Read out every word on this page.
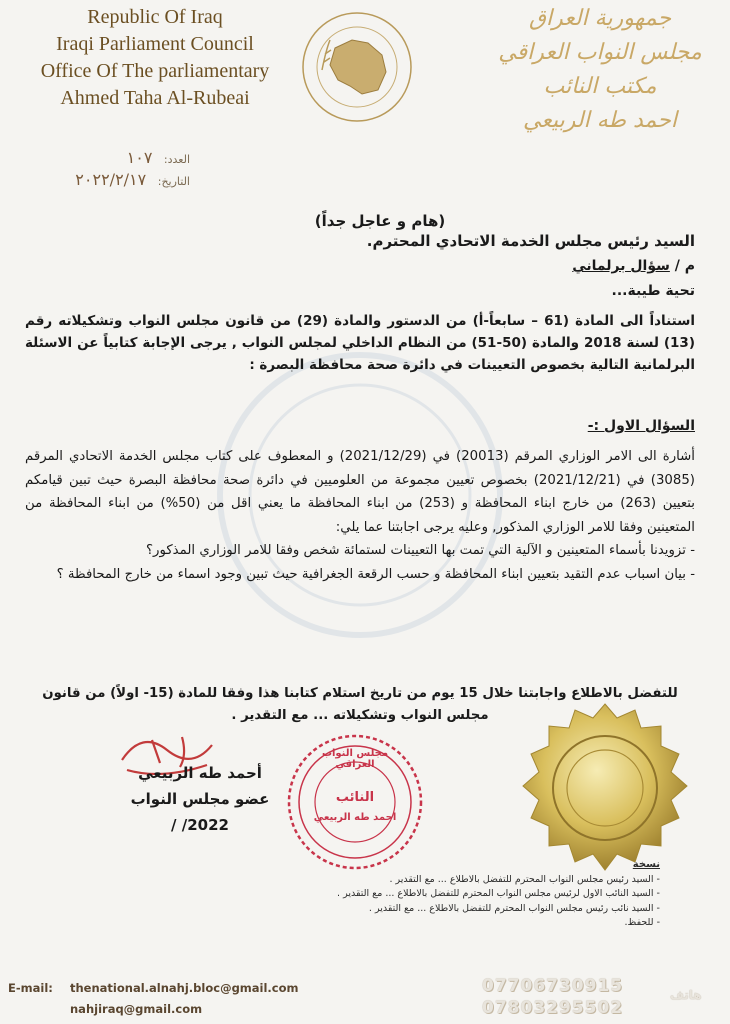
Republic Of Iraq
Iraqi Parliament Council
Office Of The parliamentary
Ahmed Taha Al-Rubeai
جمهورية العراق
مجلس النواب العراقي
مكتب النائب
احمد طه الربيعي
العدد: ١٠٧
التاريخ: ٢٠٢٢/٢/١٧
(هام و عاجل جداً)
السيد رئيس مجلس الخدمة الاتحادي المحترم.
م / سؤال برلماني
تحية طيبة...
استناداً الى المادة (61 – سابعاً-أ) من الدستور والمادة (29) من قانون مجلس النواب وتشكيلاته رقم (13) لسنة 2018 والمادة (50-51) من النظام الداخلي لمجلس النواب , يرجى الإجابة كتابياً عن الاسئلة البرلمانية التالية بخصوص التعيينات في دائرة صحة محافظة البصرة :
السؤال الاول :-
أشارة الى الامر الوزاري المرقم (20013) في (2021/12/29) و المعطوف على كتاب مجلس الخدمة الاتحادي المرقم (3085) في (2021/12/21) بخصوص تعيين مجموعة من العلوميين في دائرة صحة محافظة البصرة حيث تبين قيامكم بتعيين (263) من خارج ابناء المحافظة و (253) من ابناء المحافظة ما يعني اقل من (50%) من ابناء المحافظة من المتعينين وفقا للامر الوزاري المذكور, وعليه يرجى اجابتنا عما يلي:
- تزويدنا بأسماء المتعينين و الآلية التي تمت بها التعيينات لستمائة شخص وفقا للامر الوزاري المذكور؟
- بيان اسباب عدم التقيد بتعيين ابناء المحافظة و حسب الرقعة الجغرافية حيث تبين وجود اسماء من خارج المحافظة ؟
للتفضل بالاطلاع واجابتنا خلال 15 يوم من تاريخ استلام كتابنا هذا وفقا للمادة (15- اولاً) من قانون مجلس النواب وتشكيلاته ... مع التقدير .
أحمد طه الربيعي
عضو مجلس النواب
2022/ /
مجلس النواب العراقي
النائب
احمد طه الربيعي
نسخة
- السيد رئيس مجلس النواب المحترم للتفضل بالاطلاع ... مع التقدير .
- السيد النائب الاول لرئيس مجلس النواب المحترم للتفضل بالاطلاع ... مع التقدير .
- السيد نائب رئيس مجلس النواب المحترم للتفضل بالاطلاع ... مع التقدير .
- للحفظ.
E-mail: thenational.alnahj.bloc@gmail.com
nahjiraq@gmail.com
07706730915
07803295502
هاتف
